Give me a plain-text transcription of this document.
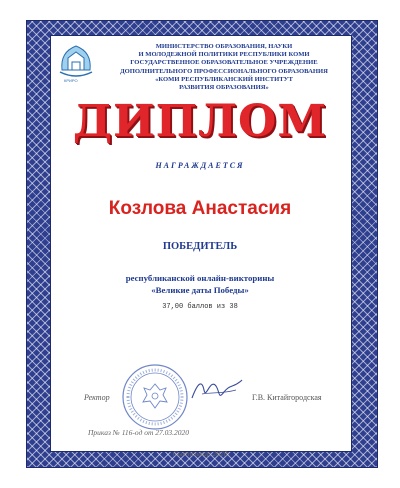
КРИРО
МИНИСТЕРСТВО ОБРАЗОВАНИЯ, НАУКИ
И МОЛОДЕЖНОЙ ПОЛИТИКИ РЕСПУБЛИКИ КОМИ
ГОСУДАРСТВЕННОЕ ОБРАЗОВАТЕЛЬНОЕ УЧРЕЖДЕНИЕ
ДОПОЛНИТЕЛЬНОГО ПРОФЕССИОНАЛЬНОГО ОБРАЗОВАНИЯ
«КОМИ РЕСПУБЛИКАНСКИЙ ИНСТИТУТ
РАЗВИТИЯ ОБРАЗОВАНИЯ»
ДИПЛОМ
НАГРАЖДАЕТСЯ
Козлова Анастасия
ПОБЕДИТЕЛЬ
республиканской онлайн-викторины
«Великие даты Победы»
37,00 баллов из 38
Ректор	Г.В. Китайгородская
Приказ № 116-од от 27.03.2020
Сыктывкар 2020
